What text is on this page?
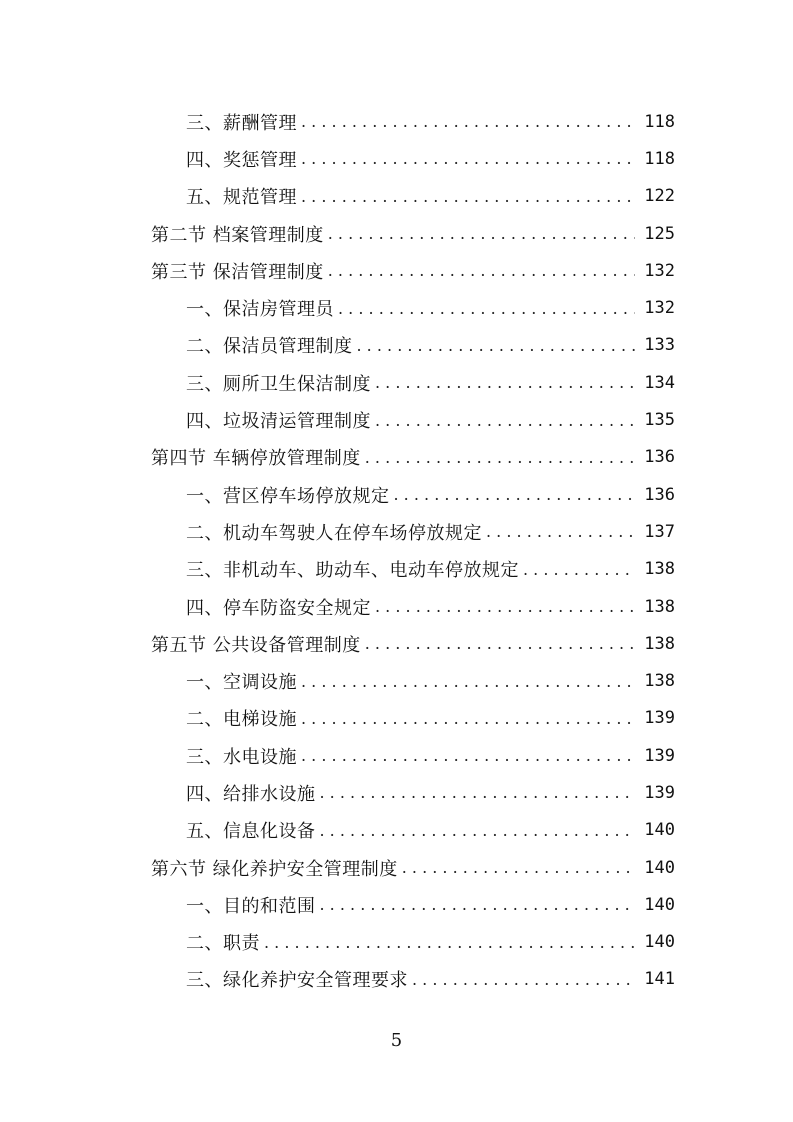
三、薪酬管理 . . .	118
四、奖惩管理 . . .	118
五、规范管理 . . .	122
第二节 档案管理制度 . . .	125
第三节 保洁管理制度 . . .	132
一、保洁房管理员 . . .	132
二、保洁员管理制度 . . .	133
三、厕所卫生保洁制度 . . .	134
四、垃圾清运管理制度 . . .	135
第四节 车辆停放管理制度 . . .	136
一、营区停车场停放规定 . . .	136
二、机动车驾驶人在停车场停放规定 . . .	137
三、非机动车、助动车、电动车停放规定 . . .	138
四、停车防盗安全规定 . . .	138
第五节 公共设备管理制度 . . .	138
一、空调设施 . . .	138
二、电梯设施 . . .	139
三、水电设施 . . .	139
四、给排水设施 . . .	139
五、信息化设备 . . .	140
第六节 绿化养护安全管理制度 . . .	140
一、目的和范围 . . .	140
二、职责 . . .	140
三、绿化养护安全管理要求 . . .	141
5
